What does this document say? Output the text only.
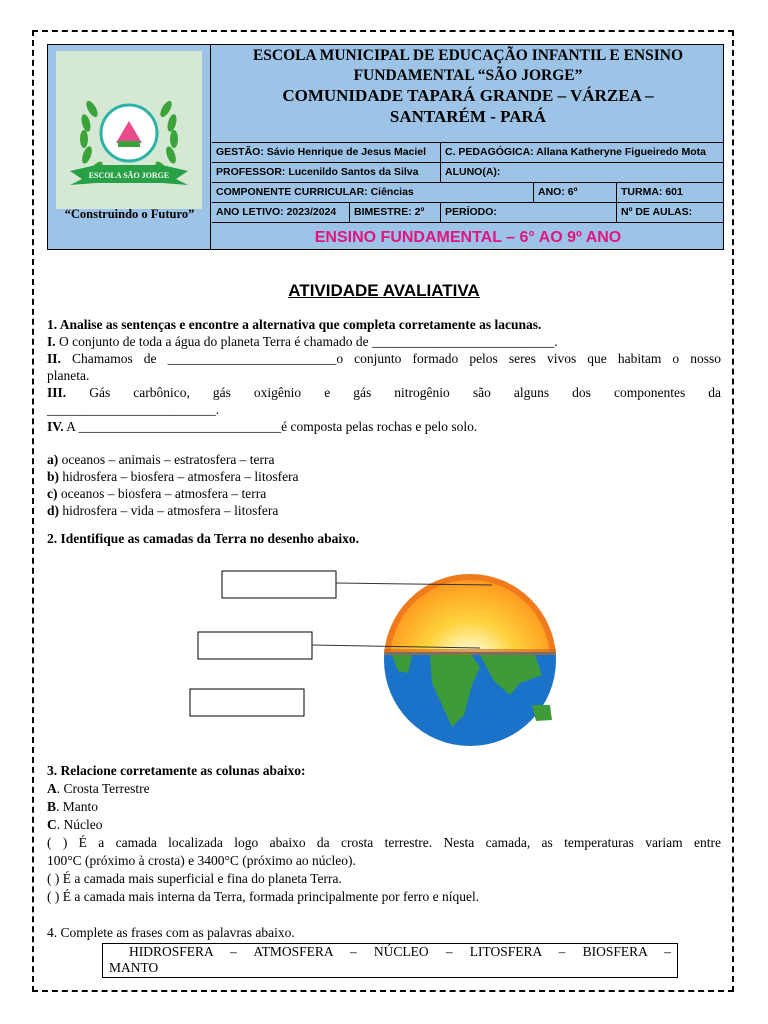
ESCOLA SÃO JORGE
“Construindo o Futuro”
ESCOLA MUNICIPAL DE EDUCAÇÃO INFANTIL E ENSINO
FUNDAMENTAL “SÃO JORGE”
COMUNIDADE TAPARÁ GRANDE – VÁRZEA –
SANTARÉM - PARÁ
GESTÃO: Sávio Henrique de Jesus Maciel	C. PEDAGÓGICA: Allana Katheryne Figueiredo Mota
PROFESSOR: Lucenildo Santos da Silva	ALUNO(A):
COMPONENTE CURRICULAR: Ciências	ANO: 6º	TURMA: 601
ANO LETIVO: 2023/2024	BIMESTRE: 2º	PERÍODO:	Nº DE AULAS:
ENSINO FUNDAMENTAL – 6° AO 9º ANO
ATIVIDADE AVALIATIVA
1. Analise as sentenças e encontre a alternativa que completa corretamente as lacunas.
I. O conjunto de toda a água do planeta Terra é chamado de ___________________________.
II. Chamamos de _________________________o conjunto formado pelos seres vivos que habitam o nosso
planeta.
III. Gás carbônico, gás oxigênio e gás nitrogênio são alguns dos componentes da
_________________________.
IV. A ______________________________é composta pelas rochas e pelo solo.
a) oceanos – animais – estratosfera – terra
b) hidrosfera – biosfera – atmosfera – litosfera
c) oceanos – biosfera – atmosfera – terra
d) hidrosfera – vida – atmosfera – litosfera
2. Identifique as camadas da Terra no desenho abaixo.
3. Relacione corretamente as colunas abaixo:
A. Crosta Terrestre
B. Manto
C. Núcleo
( ) É a camada localizada logo abaixo da crosta terrestre. Nesta camada, as temperaturas variam entre
100°C (próximo à crosta) e 3400°C (próximo ao núcleo).
( ) É a camada mais superficial e fina do planeta Terra.
( ) É a camada mais interna da Terra, formada principalmente por ferro e níquel.
4. Complete as frases com as palavras abaixo.
HIDROSFERA – ATMOSFERA – NÚCLEO – LITOSFERA – BIOSFERA –
MANTO
